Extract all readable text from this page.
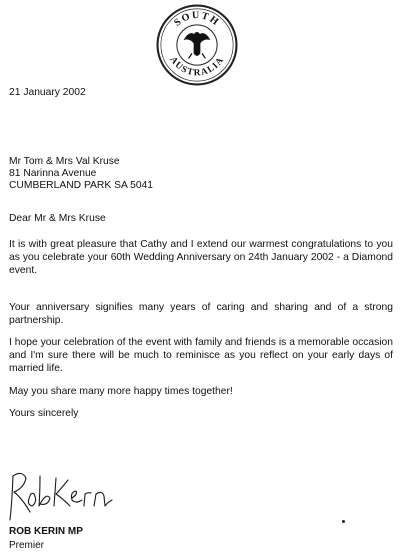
SOUTH
AUSTRALIA
21 January 2002
Mr Tom & Mrs Val Kruse
81 Narinna Avenue
CUMBERLAND PARK SA 5041
Dear Mr & Mrs Kruse
It is with great pleasure that Cathy and I extend our warmest congratulations to you as you celebrate your 60th Wedding Anniversary on 24th January 2002 - a Diamond event.
Your anniversary signifies many years of caring and sharing and of a strong partnership.
I hope your celebration of the event with family and friends is a memorable occasion and I'm sure there will be much to reminisce as you reflect on your early days of married life.
May you share many more happy times together!
Yours sincerely
ROB KERIN MP
Premier
